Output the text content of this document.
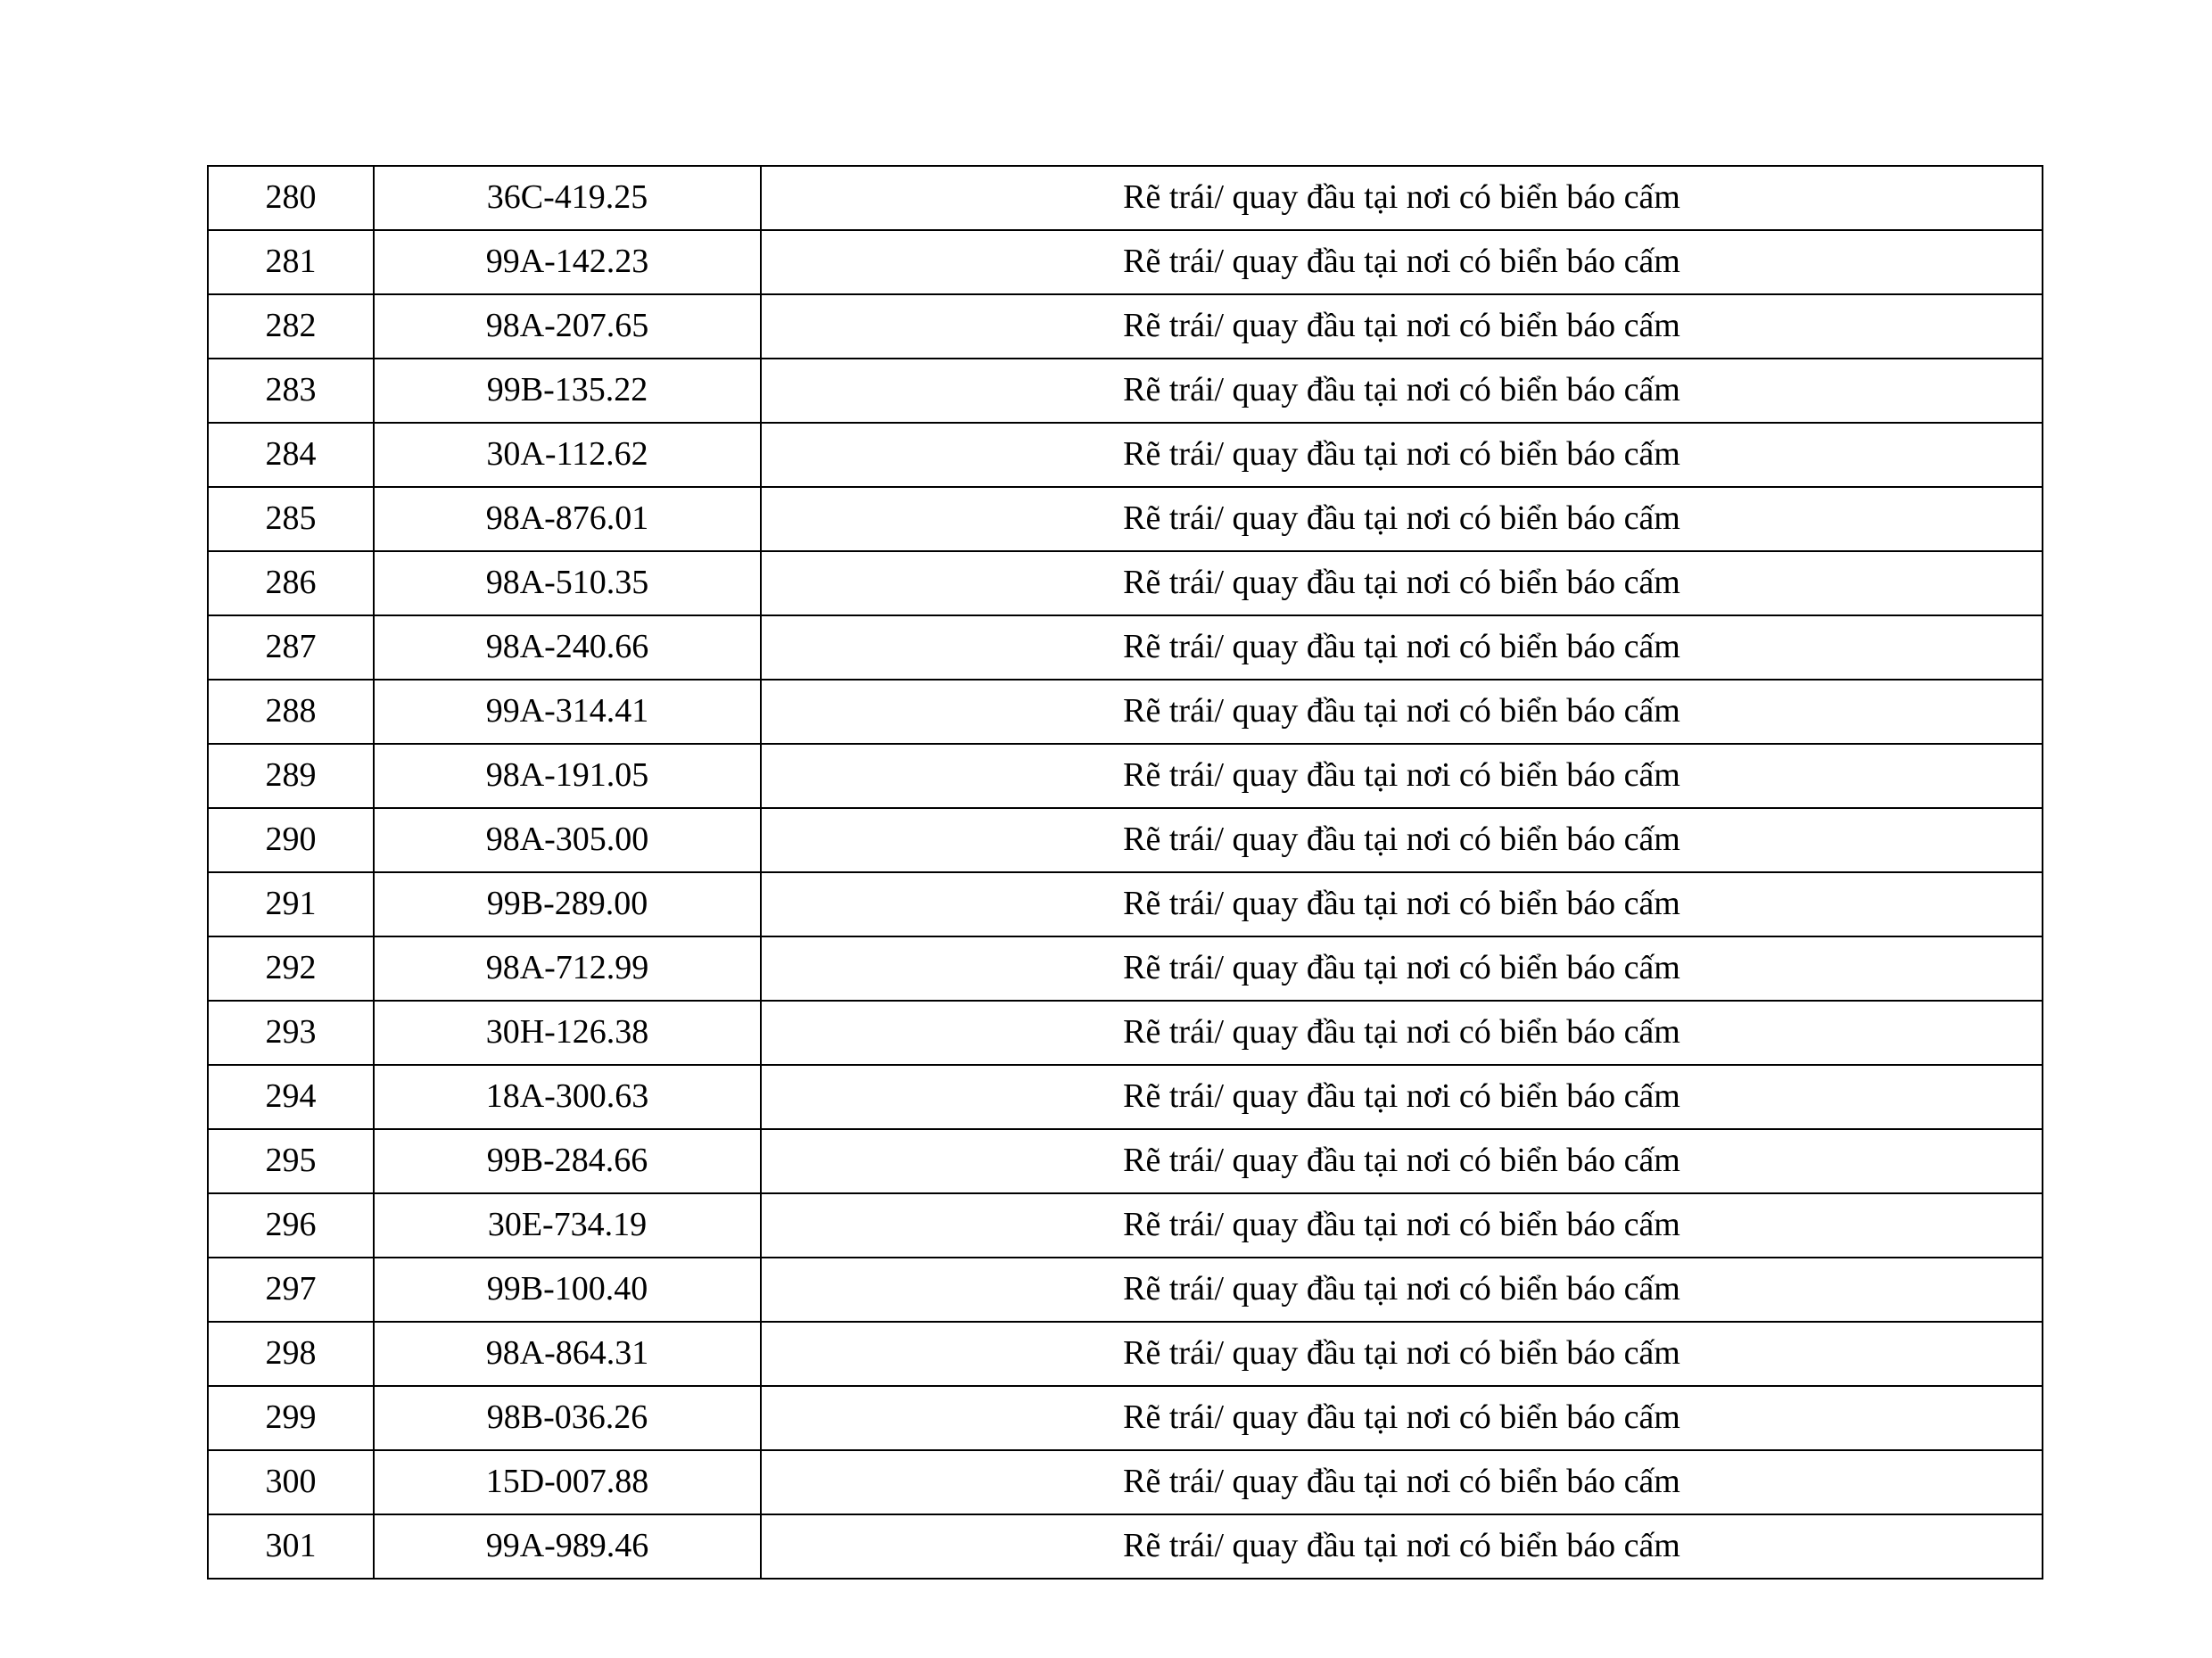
280	36C-419.25	Rẽ trái/ quay đầu tại nơi có biển báo cấm
281	99A-142.23	Rẽ trái/ quay đầu tại nơi có biển báo cấm
282	98A-207.65	Rẽ trái/ quay đầu tại nơi có biển báo cấm
283	99B-135.22	Rẽ trái/ quay đầu tại nơi có biển báo cấm
284	30A-112.62	Rẽ trái/ quay đầu tại nơi có biển báo cấm
285	98A-876.01	Rẽ trái/ quay đầu tại nơi có biển báo cấm
286	98A-510.35	Rẽ trái/ quay đầu tại nơi có biển báo cấm
287	98A-240.66	Rẽ trái/ quay đầu tại nơi có biển báo cấm
288	99A-314.41	Rẽ trái/ quay đầu tại nơi có biển báo cấm
289	98A-191.05	Rẽ trái/ quay đầu tại nơi có biển báo cấm
290	98A-305.00	Rẽ trái/ quay đầu tại nơi có biển báo cấm
291	99B-289.00	Rẽ trái/ quay đầu tại nơi có biển báo cấm
292	98A-712.99	Rẽ trái/ quay đầu tại nơi có biển báo cấm
293	30H-126.38	Rẽ trái/ quay đầu tại nơi có biển báo cấm
294	18A-300.63	Rẽ trái/ quay đầu tại nơi có biển báo cấm
295	99B-284.66	Rẽ trái/ quay đầu tại nơi có biển báo cấm
296	30E-734.19	Rẽ trái/ quay đầu tại nơi có biển báo cấm
297	99B-100.40	Rẽ trái/ quay đầu tại nơi có biển báo cấm
298	98A-864.31	Rẽ trái/ quay đầu tại nơi có biển báo cấm
299	98B-036.26	Rẽ trái/ quay đầu tại nơi có biển báo cấm
300	15D-007.88	Rẽ trái/ quay đầu tại nơi có biển báo cấm
301	99A-989.46	Rẽ trái/ quay đầu tại nơi có biển báo cấm
